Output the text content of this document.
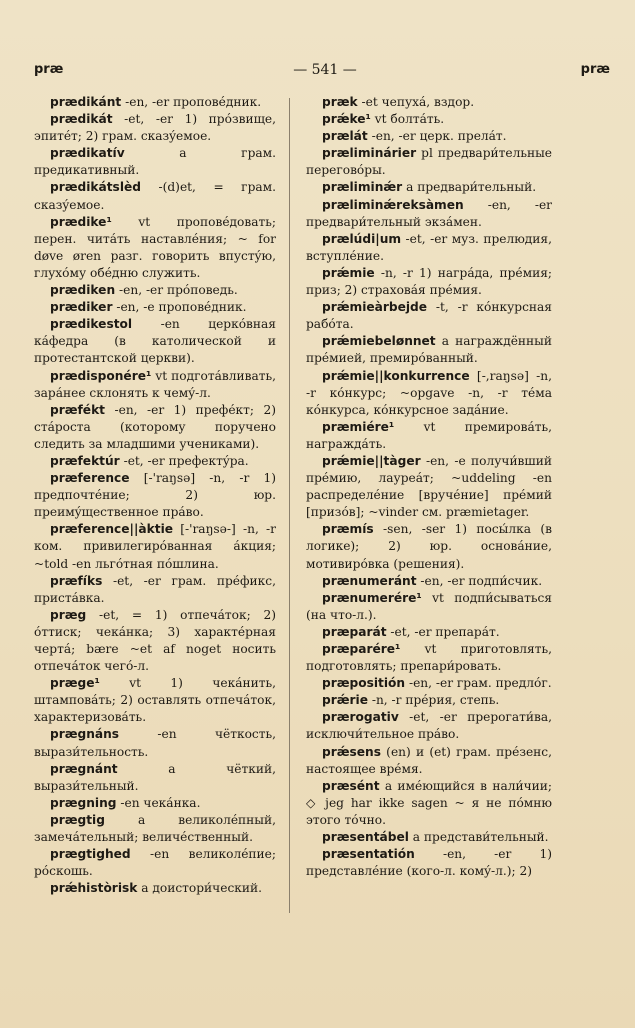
præ	— 541 —	præ

prædikánt -en, -er проповéдник.

prædikát -et, -er 1) прóзвище, эпитéт; 2) грам. сказýемое.

prædikatív a грам. предикативный.

prædikátslèd -(d)et, = грам. сказýемое.

prædike¹ vt проповéдовать; перен. читáть наставлéния; ~ for døve øren разг. говорить впустýю, глухóму обéдню служить.

prædiken -en, -er прóповедь.

prædiker -en, -e проповéдник.

prædikestol -en церкóвная кáфедра (в католической и протестантской церкви).

prædisponére¹ vt подготáвливать, зарáнее склонять к чемý-л.

præfékt -en, -er 1) префéкт; 2) стáроста (которому поручено следить за младшими учениками).

præfektúr -et, -er префектýра.

præference [-'raŋsə] -n, -r 1) предпочтéние; 2) юр. преимýщественное прáво.

præference||àktie [-'raŋsə-] -n, -r ком. привилегирóванная áкция; ~told -en льгóтная пóшлина.

præfíks -et, -er грам. прéфикс, пристáвка.

præg -et, = 1) отпечáток; 2) óттиск; чекáнка; 3) характéрная чертá; bære ~et af noget носить отпечáток чегó-л.

præge¹ vt 1) чекáнить, штамповáть; 2) оставлять отпечáток, характеризовáть.

prægnáns -en чёткость, вырази́тельность.

prægnánt a чёткий, вырази́тельный.

prægning -en чекáнка.

prægtig a великолéпный, замечáтельный; величéственный.

prægtighed -en великолéпие; рóскошь.

prǽhistòrisk a доистори́ческий.

præk -et чепухá, вздор.

prǽke¹ vt болтáть.

prælát -en, -er церк. прелáт.

præliminárier pl предвари́тельные переговóры.

præliminǽr a предвари́тельный.

præliminǽreksàmen -en, -er предвари́тельный экзáмен.

prælúdi|um -et, -er муз. прелюдия, вступлéние.

prǽmie -n, -r 1) нагрáда, прéмия; приз; 2) страховáя прéмия.

prǽmieàrbejde -t, -r кóнкурсная рабóта.

prǽmiebelønnet a награждённый прéмией, премирóванный.

prǽmie||konkurrence [-,raŋsə] -n, -r кóнкурс; ~opgave -n, -r тéма кóнкурса, кóнкурсное задáние.

præmiére¹ vt премировáть, награждáть.

prǽmie||tàger -en, -e получи́вший прéмию, лауреáт; ~uddeling -en распределéние [вручéние] прéмий [призóв]; ~vinder см. præmietager.

præmís -sen, -ser 1) посы́лка (в логике); 2) юр. основáние, мотивирóвка (решения).

prænumeránt -en, -er подпи́счик.

prænumerére¹ vt подпи́сываться (на что-л.).

præparát -et, -er препарáт.

præparére¹ vt приготовлять, подготовлять; препари́ровать.

præpositión -en, -er грам. предлóг.

prǽrie -n, -r прéрия, степь.

prærogativ -et, -er прерогати́ва, исключи́тельное прáво.

prǽsens (en) и (et) грам. прéзенс, настоящее врéмя.

præsént a имéющийся в нали́чии; ◇ jeg har ikke sagen ~ я не пóмню этого тóчно.

præsentábel a представи́тельный.

præsentatión -en, -er 1) представлéние (кого-л. комý-л.); 2)
